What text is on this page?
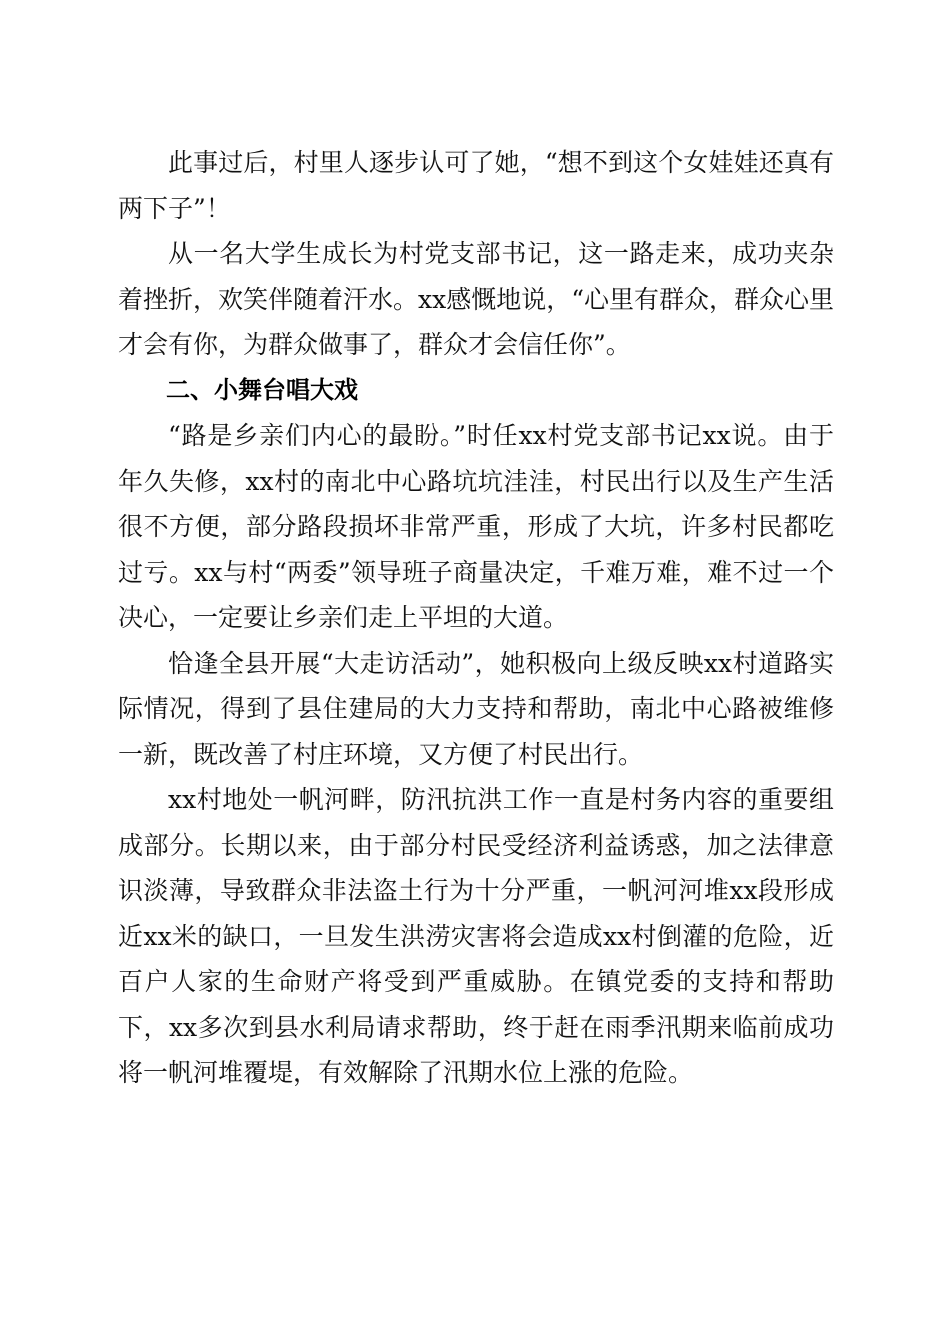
此事过后，村里人逐步认可了她，“想不到这个女娃娃还真有两下子”！

从一名大学生成长为村党支部书记，这一路走来，成功夹杂着挫折，欢笑伴随着汗水。xx感慨地说，“心里有群众，群众心里才会有你，为群众做事了，群众才会信任你”。

二、小舞台唱大戏

“路是乡亲们内心的最盼。”时任xx村党支部书记xx说。由于年久失修，xx村的南北中心路坑坑洼洼，村民出行以及生产生活很不方便，部分路段损坏非常严重，形成了大坑，许多村民都吃过亏。xx与村“两委”领导班子商量决定，千难万难，难不过一个决心，一定要让乡亲们走上平坦的大道。

恰逢全县开展“大走访活动”，她积极向上级反映xx村道路实际情况，得到了县住建局的大力支持和帮助，南北中心路被维修一新，既改善了村庄环境，又方便了村民出行。

xx村地处一帆河畔，防汛抗洪工作一直是村务内容的重要组成部分。长期以来，由于部分村民受经济利益诱惑，加之法律意识淡薄，导致群众非法盗土行为十分严重，一帆河河堆xx段形成近xx米的缺口，一旦发生洪涝灾害将会造成xx村倒灌的危险，近百户人家的生命财产将受到严重威胁。在镇党委的支持和帮助下，xx多次到县水利局请求帮助，终于赶在雨季汛期来临前成功将一帆河堆覆堤，有效解除了汛期水位上涨的危险。
